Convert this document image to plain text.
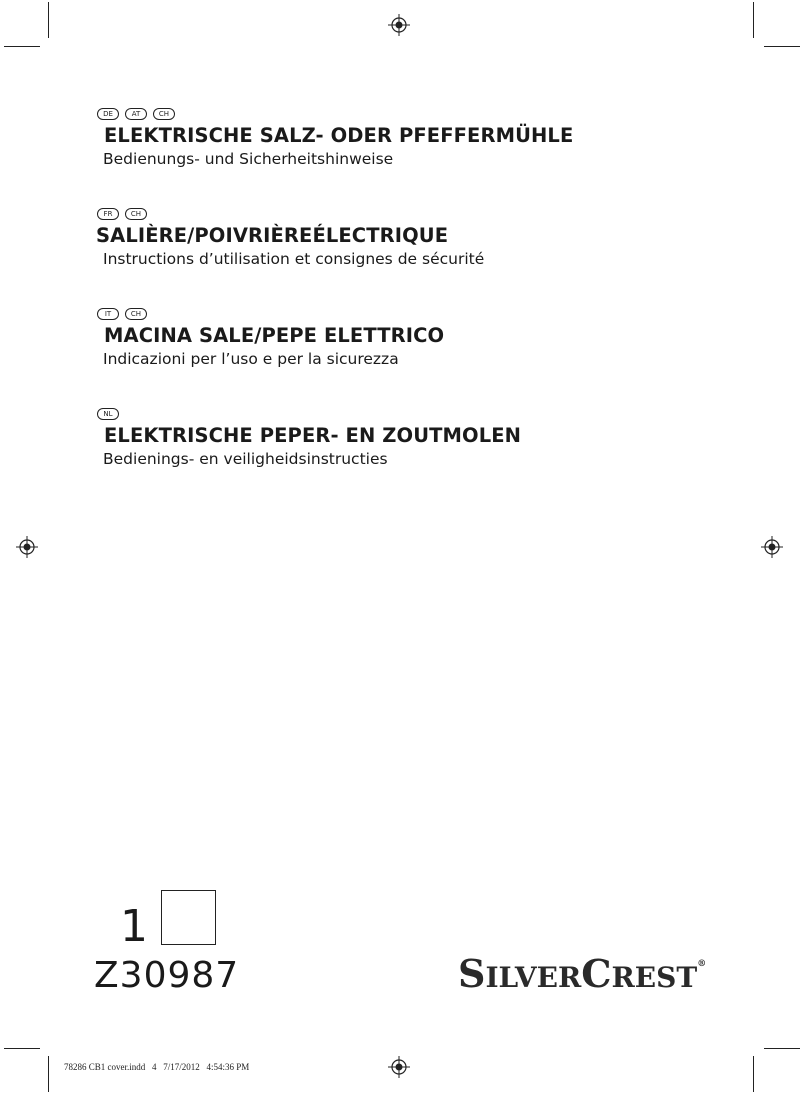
DE	AT	CH
ELEKTRISCHE SALZ- ODER PFEFFERMÜHLE
Bedienungs- und Sicherheitshinweise
FR	CH
SALIÈRE/POIVRIÈREÉLECTRIQUE
Instructions d’utilisation et consignes de sécurité
IT	CH
MACINA SALE/PEPE ELETTRICO
Indicazioni per l’uso e per la sicurezza
NL
ELEKTRISCHE PEPER- EN ZOUTMOLEN
Bedienings- en veiligheidsinstructies
1
Z30987	SILVERCREST®
78286 CB1 cover.indd   4   7/17/2012   4:54:36 PM
